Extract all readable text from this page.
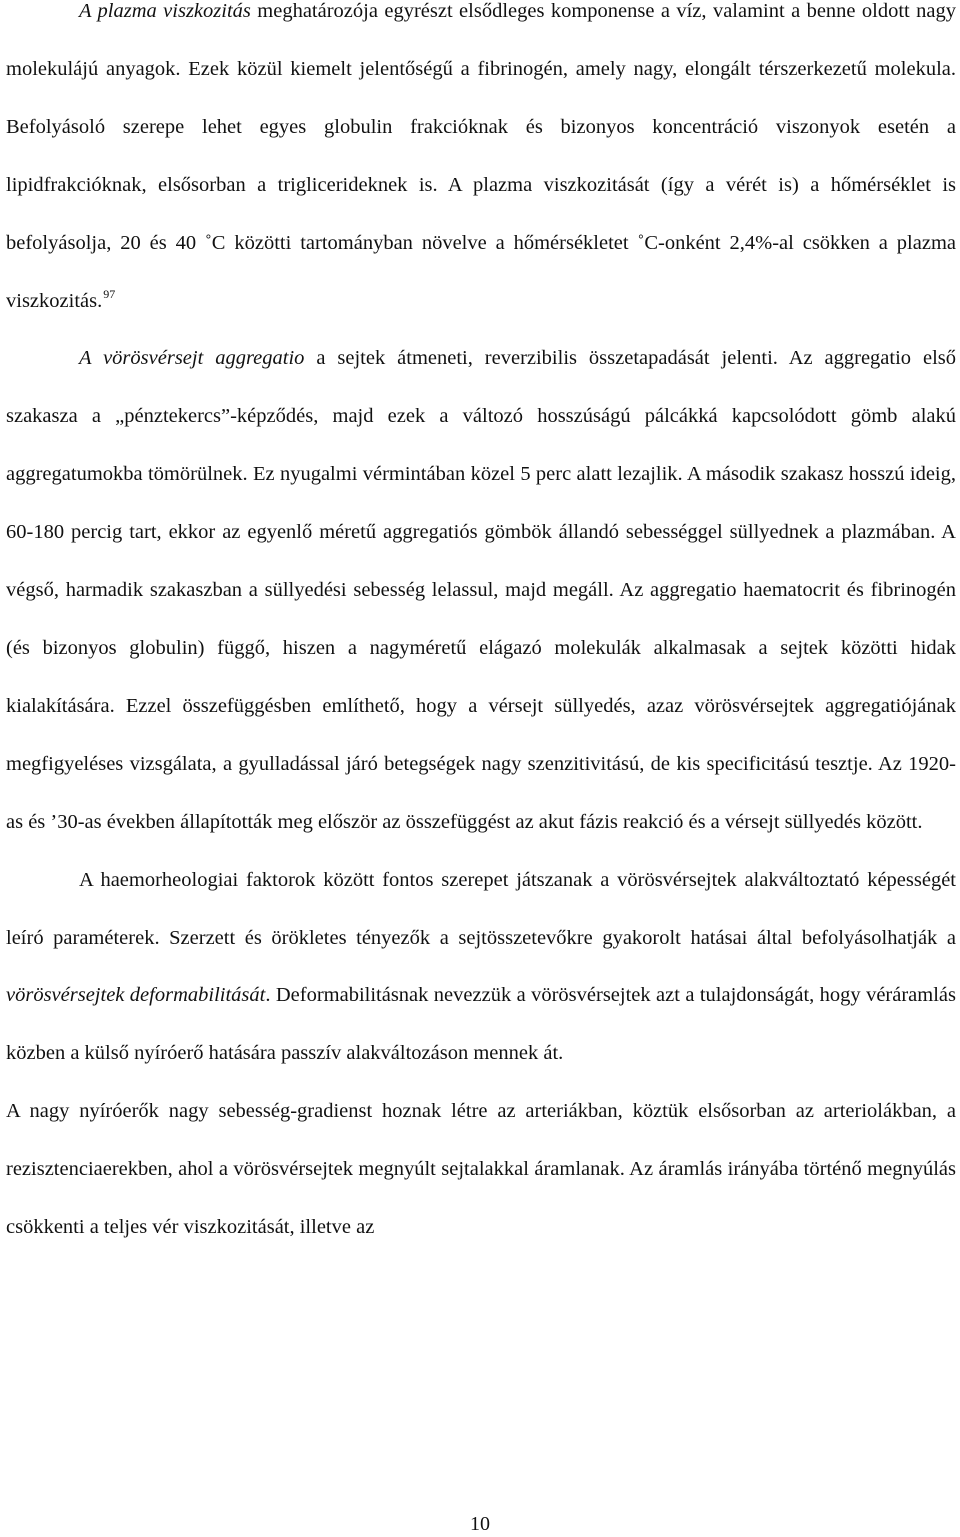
A plazma viszkozitás meghatározója egyrészt elsődleges komponense a víz, valamint a benne oldott nagy molekulájú anyagok. Ezek közül kiemelt jelentőségű a fibrinogén, amely nagy, elongált térszerkezetű molekula. Befolyásoló szerepe lehet egyes globulin frakcióknak és bizonyos koncentráció viszonyok esetén a lipidfrakcióknak, elsősorban a triglicerideknek is. A plazma viszkozitását (így a vérét is) a hőmérséklet is befolyásolja, 20 és 40 ˚C közötti tartományban növelve a hőmérsékletet ˚C-onként 2,4%-al csökken a plazma viszkozitás.$^{97}$

A vörösvérsejt aggregatio a sejtek átmeneti, reverzibilis összetapadását jelenti. Az aggregatio első szakasza a „pénztekercs”-képződés, majd ezek a változó hosszúságú pálcákká kapcsolódott gömb alakú aggregatumokba tömörülnek. Ez nyugalmi vérmintában közel 5 perc alatt lezajlik. A második szakasz hosszú ideig, 60-180 percig tart, ekkor az egyenlő méretű aggregatiós gömbök állandó sebességgel süllyednek a plazmában. A végső, harmadik szakaszban a süllyedési sebesség lelassul, majd megáll. Az aggregatio haematocrit és fibrinogén (és bizonyos globulin) függő, hiszen a nagyméretű elágazó molekulák alkalmasak a sejtek közötti hidak kialakítására. Ezzel összefüggésben említhető, hogy a vérsejt süllyedés, azaz vörösvérsejtek aggregatiójának megfigyeléses vizsgálata, a gyulladással járó betegségek nagy szenzitivitású, de kis specificitású tesztje. Az 1920-as és ’30-as években állapították meg először az összefüggést az akut fázis reakció és a vérsejt süllyedés között.

A haemorheologiai faktorok között fontos szerepet játszanak a vörösvérsejtek alakváltoztató képességét leíró paraméterek. Szerzett és örökletes tényezők a sejtösszetevőkre gyakorolt hatásai által befolyásolhatják a vörösvérsejtek deformabilitását. Deformabilitásnak nevezzük a vörösvérsejtek azt a tulajdonságát, hogy véráramlás közben a külső nyíróerő hatására passzív alakváltozáson mennek át.

A nagy nyíróerők nagy sebesség-gradienst hoznak létre az arteriákban, köztük elsősorban az arteriolákban, a rezisztenciaerekben, ahol a vörösvérsejtek megnyúlt sejtalakkal áramlanak. Az áramlás irányába történő megnyúlás csökkenti a teljes vér viszkozitását, illetve az

10
